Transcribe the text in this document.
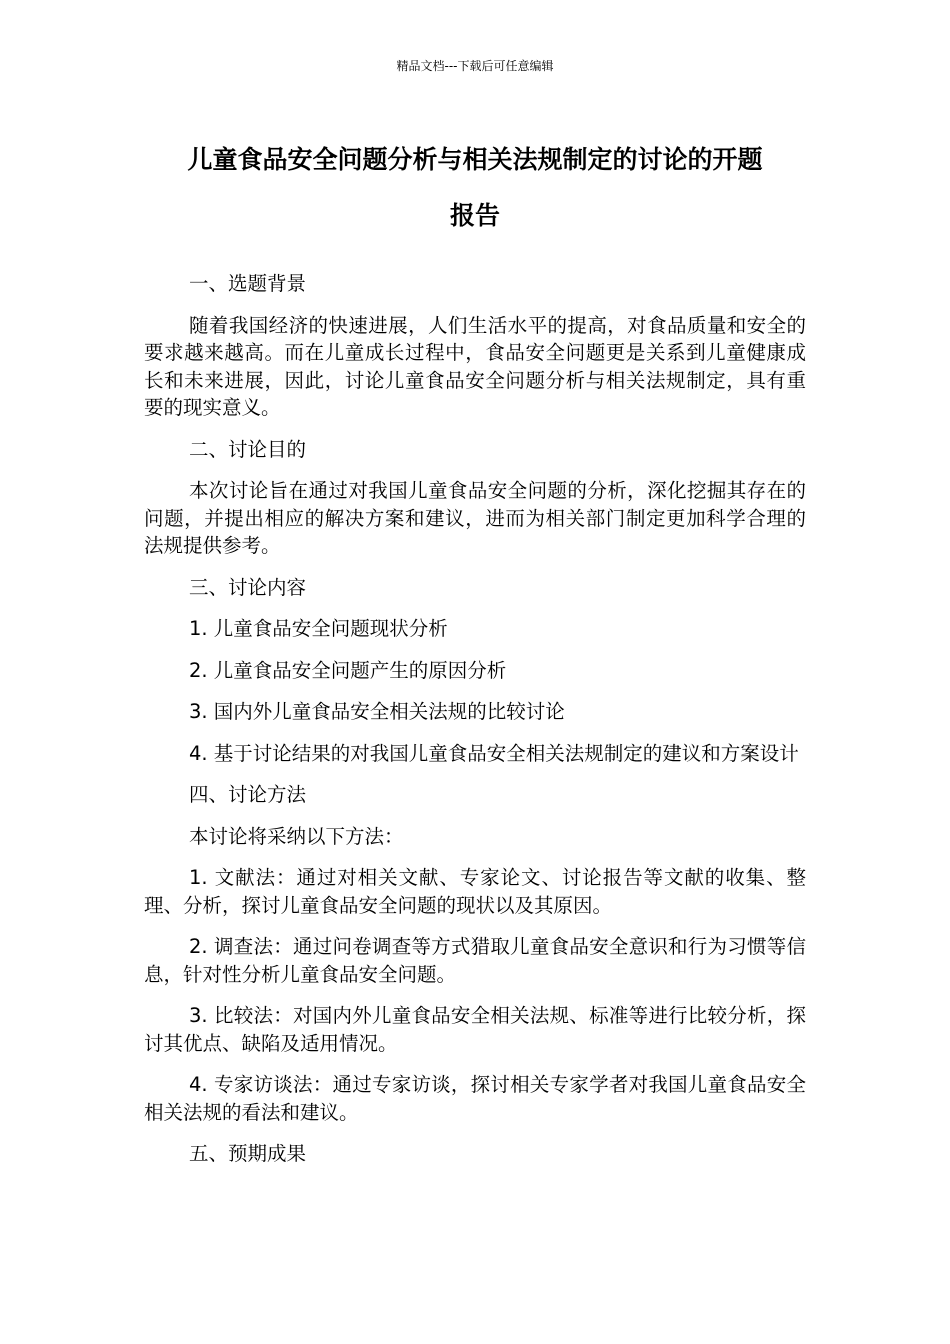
精品文档---下载后可任意编辑
儿童食品安全问题分析与相关法规制定的讨论的开题
报告

一、选题背景

随着我国经济的快速进展，人们生活水平的提高，对食品质量和安全的要求越来越高。而在儿童成长过程中，食品安全问题更是关系到儿童健康成长和未来进展，因此，讨论儿童食品安全问题分析与相关法规制定，具有重要的现实意义。

二、讨论目的

本次讨论旨在通过对我国儿童食品安全问题的分析，深化挖掘其存在的问题，并提出相应的解决方案和建议，进而为相关部门制定更加科学合理的法规提供参考。

三、讨论内容

1. 儿童食品安全问题现状分析

2. 儿童食品安全问题产生的原因分析

3. 国内外儿童食品安全相关法规的比较讨论

4. 基于讨论结果的对我国儿童食品安全相关法规制定的建议和方案设计

四、讨论方法

本讨论将采纳以下方法：

1. 文献法：通过对相关文献、专家论文、讨论报告等文献的收集、整理、分析，探讨儿童食品安全问题的现状以及其原因。

2. 调查法：通过问卷调查等方式猎取儿童食品安全意识和行为习惯等信息，针对性分析儿童食品安全问题。

3. 比较法：对国内外儿童食品安全相关法规、标准等进行比较分析，探讨其优点、缺陷及适用情况。

4. 专家访谈法：通过专家访谈，探讨相关专家学者对我国儿童食品安全相关法规的看法和建议。

五、预期成果
